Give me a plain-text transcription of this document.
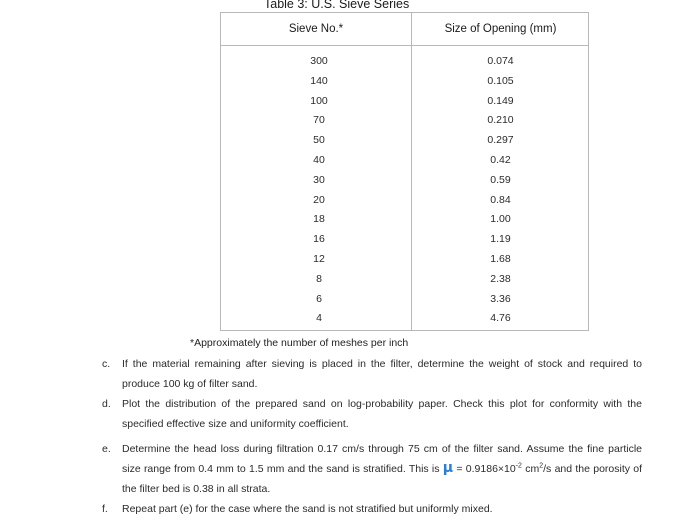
Table 3: U.S. Sieve Series
Sieve No.*	Size of Opening (mm)
300	0.074
140	0.105
100	0.149
70	0.210
50	0.297
40	0.42
30	0.59
20	0.84
18	1.00
16	1.19
12	1.68
8	2.38
6	3.36
4	4.76
*Approximately the number of meshes per inch
c. If the material remaining after sieving is placed in the filter, determine the weight of stock and required to produce 100 kg of filter sand.
d. Plot the distribution of the prepared sand on log-probability paper. Check this plot for conformity with the specified effective size and uniformity coefficient.
e. Determine the head loss during filtration 0.17 cm/s through 75 cm of the filter sand. Assume the fine particle size range from 0.4 mm to 1.5 mm and the sand is stratified. This is $\mu = 0.9186\times 10^{-2}$ $cm^2/s$ and the porosity of the filter bed is 0.38 in all strata.
f. Repeat part (e) for the case where the sand is not stratified but uniformly mixed.
